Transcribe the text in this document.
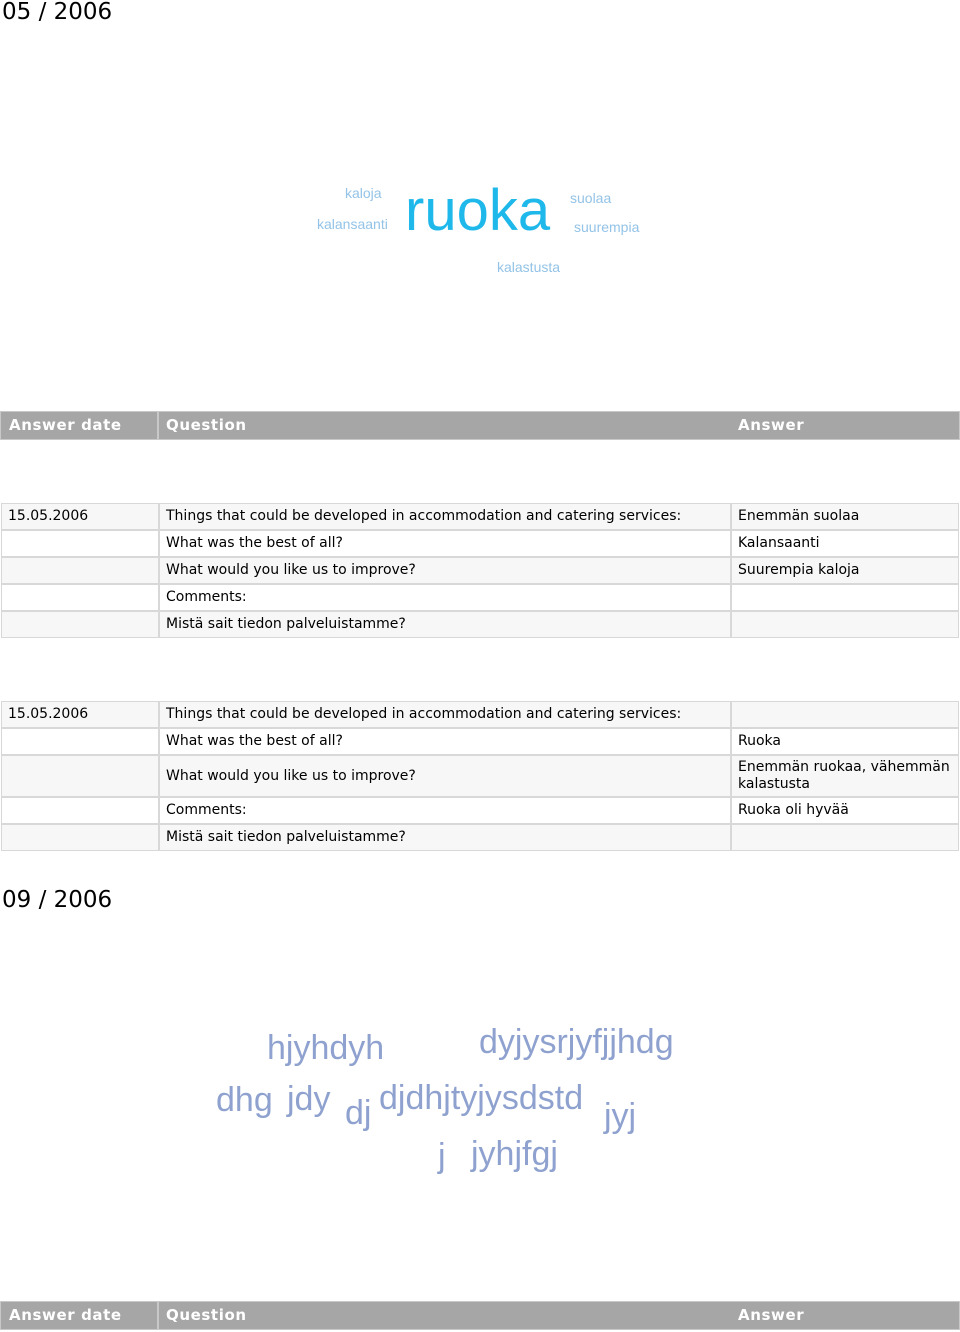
05 / 2006
kaloja
kalansaanti ruoka suolaa
suurempia
kalastusta
Answer date	Question	Answer
15.05.2006	Things that could be developed in accommodation and catering services:	Enemmän suolaa
	What was the best of all?	Kalansaanti
	What would you like us to improve?	Suurempia kaloja
	Comments:	
	Mistä sait tiedon palveluistamme?	
15.05.2006	Things that could be developed in accommodation and catering services:	
	What was the best of all?	Ruoka
	What would you like us to improve?	Enemmän ruokaa, vähemmän kalastusta
	Comments:	Ruoka oli hyvää
	Mistä sait tiedon palveluistamme?	
09 / 2006
hjyhdyh	dyjysrjyfjjhdg
dhg jdy dj djdhjtyjysdstd jyj
j jyhjfgj
Answer date	Question	Answer
